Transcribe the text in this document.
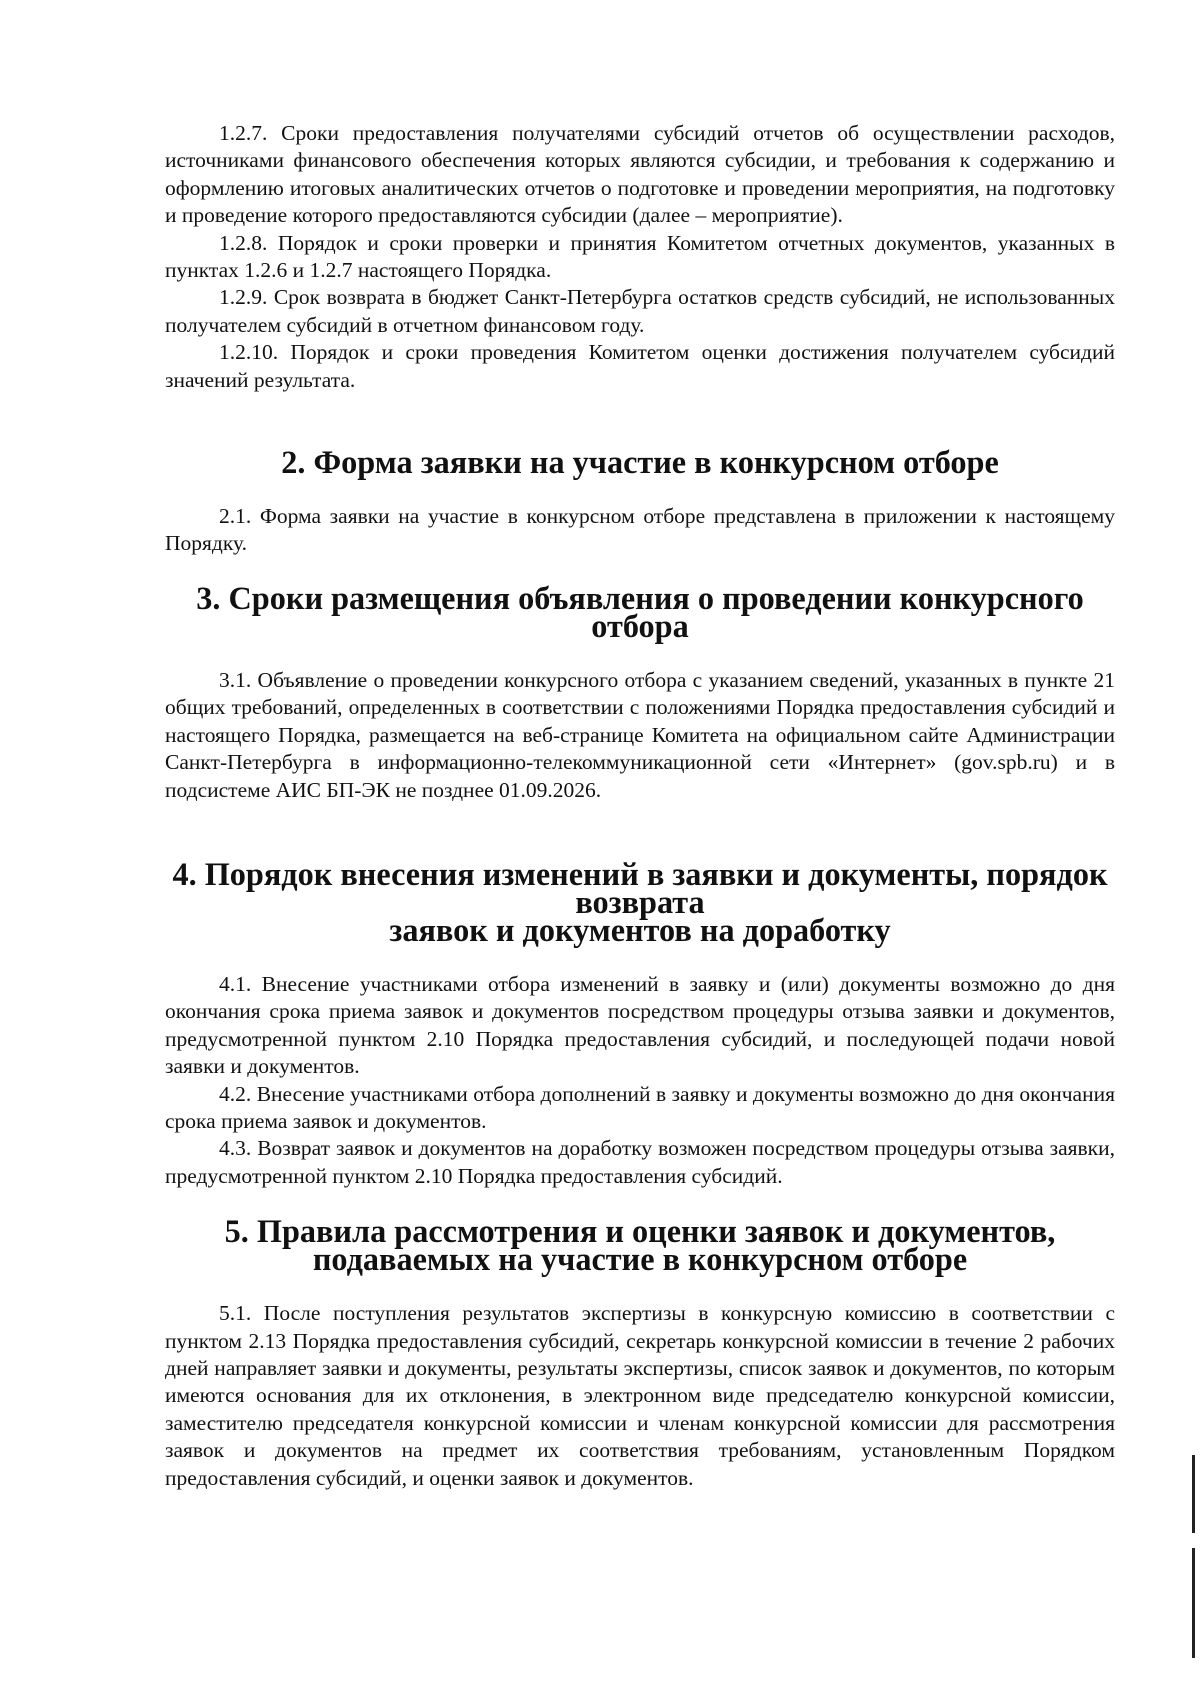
1.2.7. Сроки предоставления получателями субсидий отчетов об осуществлении расходов, источниками финансового обеспечения которых являются субсидии, и требования к содержанию и оформлению итоговых аналитических отчетов о подготовке и проведении мероприятия, на подготовку и проведение которого предоставляются субсидии (далее – мероприятие).

1.2.8. Порядок и сроки проверки и принятия Комитетом отчетных документов, указанных в пунктах 1.2.6 и 1.2.7 настоящего Порядка.

1.2.9. Срок возврата в бюджет Санкт-Петербурга остатков средств субсидий, не использованных получателем субсидий в отчетном финансовом году.

1.2.10. Порядок и сроки проведения Комитетом оценки достижения получателем субсидий значений результата.

2. Форма заявки на участие в конкурсном отборе

2.1. Форма заявки на участие в конкурсном отборе представлена в приложении к настоящему Порядку.

3. Сроки размещения объявления о проведении конкурсного отбора

3.1. Объявление о проведении конкурсного отбора с указанием сведений, указанных в пункте 21 общих требований, определенных в соответствии с положениями Порядка предоставления субсидий и настоящего Порядка, размещается на веб-странице Комитета на официальном сайте Администрации Санкт-Петербурга в информационно-телекоммуникационной сети «Интернет» (gov.spb.ru) и в подсистеме АИС БП-ЭК не позднее 01.09.2026.

4. Порядок внесения изменений в заявки и документы, порядок возврата
заявок и документов на доработку

4.1. Внесение участниками отбора изменений в заявку и (или) документы возможно до дня окончания срока приема заявок и документов посредством процедуры отзыва заявки и документов, предусмотренной пунктом 2.10 Порядка предоставления субсидий, и последующей подачи новой заявки и документов.

4.2. Внесение участниками отбора дополнений в заявку и документы возможно до дня окончания срока приема заявок и документов.

4.3. Возврат заявок и документов на доработку возможен посредством процедуры отзыва заявки, предусмотренной пунктом 2.10 Порядка предоставления субсидий.

5. Правила рассмотрения и оценки заявок и документов,
подаваемых на участие в конкурсном отборе

5.1. После поступления результатов экспертизы в конкурсную комиссию в соответствии с пунктом 2.13 Порядка предоставления субсидий, секретарь конкурсной комиссии в течение 2 рабочих дней направляет заявки и документы, результаты экспертизы, список заявок и документов, по которым имеются основания для их отклонения, в электронном виде председателю конкурсной комиссии, заместителю председателя конкурсной комиссии и членам конкурсной комиссии для рассмотрения заявок и документов на предмет их соответствия требованиям, установленным Порядком предоставления субсидий, и оценки заявок и документов.
